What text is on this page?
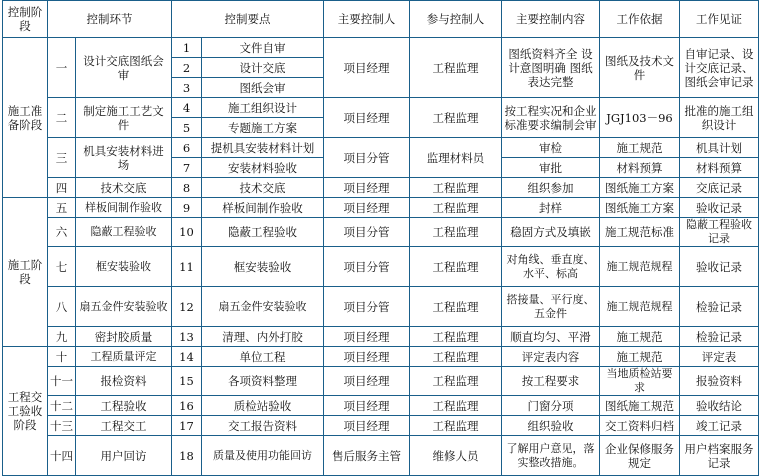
控制阶段	控制环节		控制要点		主要控制人	参与控制人	主要控制内容	工作依据	工作见证
施工准备阶段	一	设计交底图纸会审	1	文件自审	项目经理	工程监理	图纸资料齐全 设计意图明确 图纸表达完整	图纸及技术文件	自审记录、设计交底记录、图纸会审记录
			2	设计交底					
			3	图纸会审					
	二	制定施工工艺文件	4	施工组织设计	项目经理	工程监理	按工程实况和企业标准要求编制会审	JGJ103－96	批准的施工组织设计
			5	专题施工方案					
	三	机具安装材料进场	6	提机具安装材料计划	项目分管	监理材料员	审检	施工规范	机具计划
			7	安装材料验收			审批	材料预算	材料预算
	四	技术交底	8	技术交底	项目经理	工程监理	组织参加	图纸施工方案	交底记录
施工阶段	五	样板间制作验收	9	样板间制作验收	项目经理	工程监理	封样	图纸施工方案	验收记录
	六	隐蔽工程验收	10	隐蔽工程验收	项目分管	工程监理	稳固方式及填嵌	施工规范标准	隐蔽工程验收记录
	七	框安装验收	11	框安装验收	项目分管	工程监理	对角线、垂直度、水平、标高	施工规范规程	验收记录
	八	扇五金件安装验收	12	扇五金件安装验收	项目分管	工程监理	搭接量、平行度、五金件	施工规范规程	检验记录
	九	密封胶质量	13	清理、内外打胶	项目经理	工程监理	顺直均匀、平滑	施工规范	检验记录
工程交工验收阶段	十	工程质量评定	14	单位工程	项目经理	工程监理	评定表内容	施工规范	评定表
	十一	报检资料	15	各项资料整理	项目经理	工程监理	按工程要求	当地质检站要求	报验资料
	十二	工程验收	16	质检站验收	项目经理	工程监理	门窗分项	图纸施工规范	验收结论
	十三	工程交工	17	交工报告资料	项目经理	工程监理	组织验收	交工资料归档	竣工记录
	十四	用户回访	18	质量及使用功能回访	售后服务主管	维修人员	了解用户意见，落实整改措施。	企业保修服务规定	用户档案服务记录
